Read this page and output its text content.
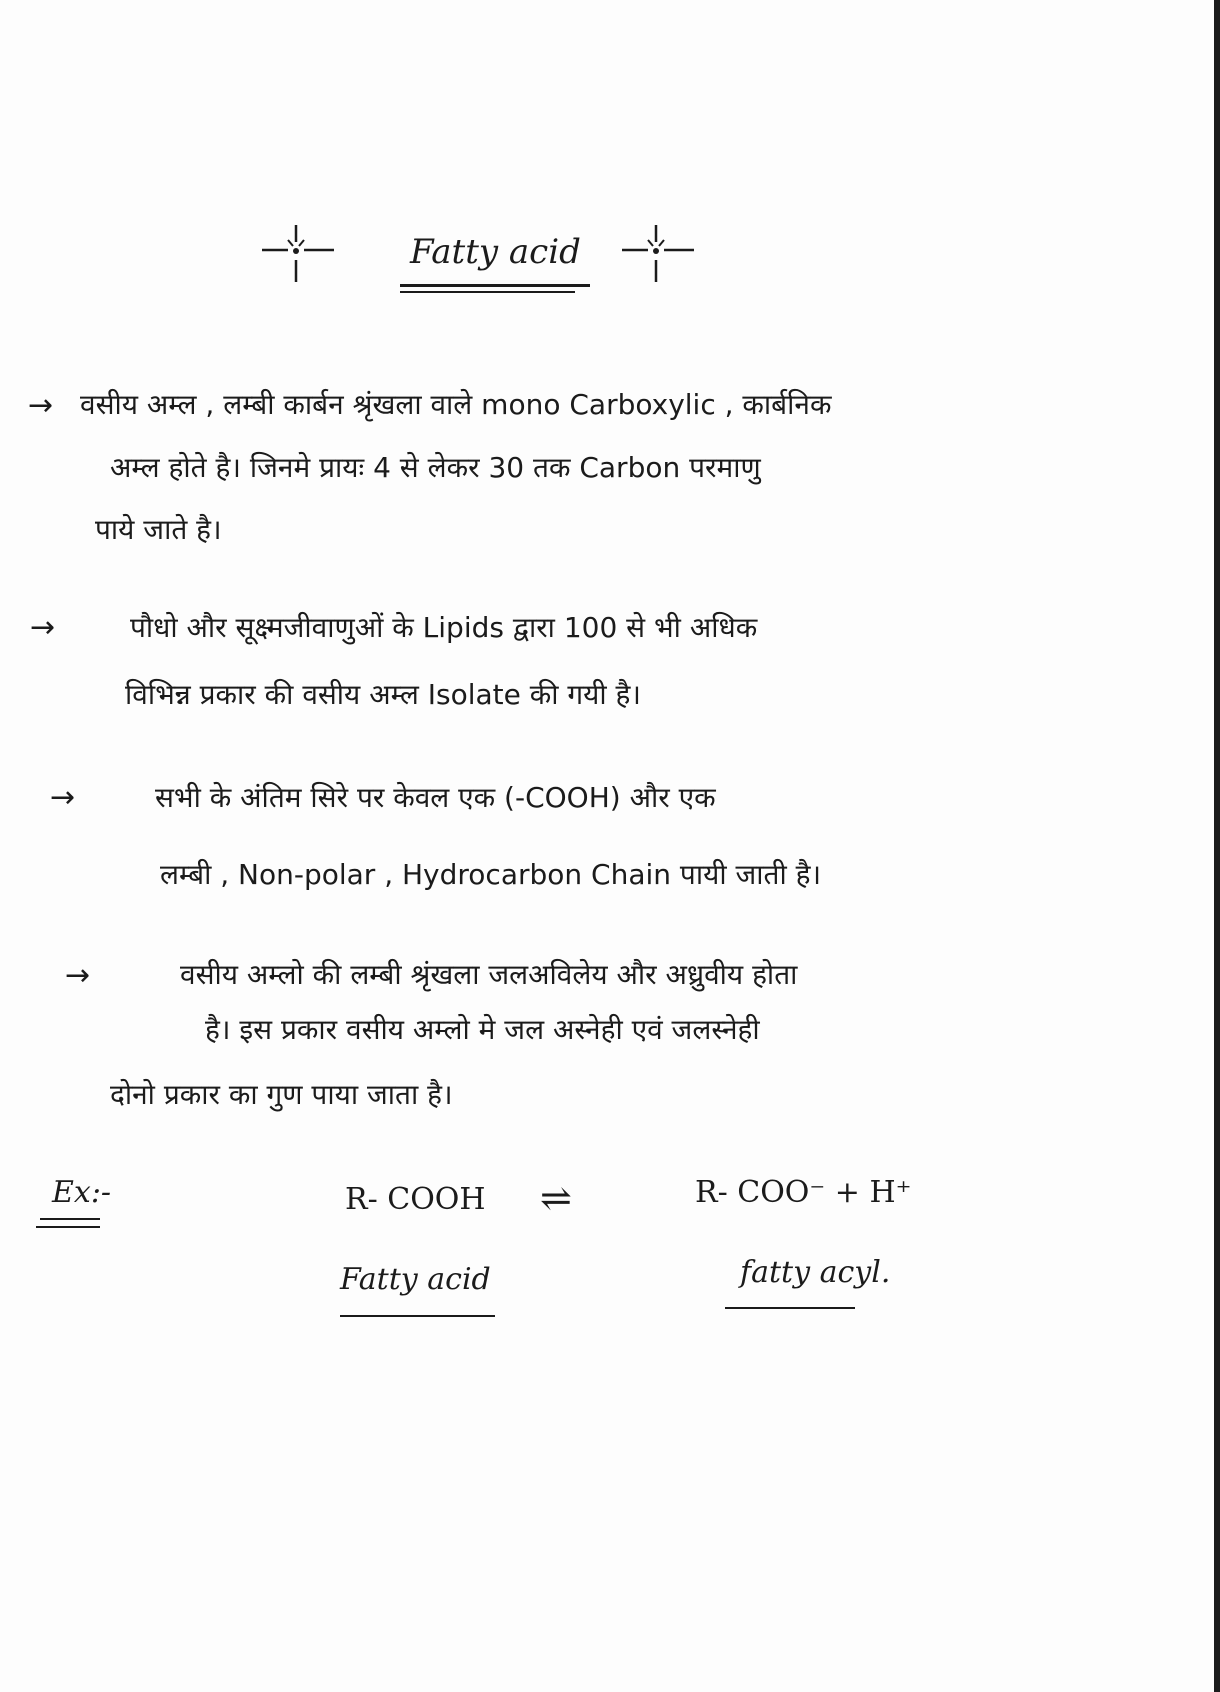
Fatty acid
→ वसीय अम्ल , लम्बी कार्बन श्रृंखला वाले mono Carboxylic , कार्बनिक
अम्ल होते है। जिनमे प्रायः 4 से लेकर 30 तक Carbon परमाणु
पाये जाते है।
→	पौधो और सूक्ष्मजीवाणुओं के Lipids द्वारा 100 से भी अधिक
विभिन्न प्रकार की वसीय अम्ल Isolate की गयी है।
→	सभी के अंतिम सिरे पर केवल एक (-COOH) और एक
लम्बी , Non-polar , Hydrocarbon Chain पायी जाती है।
→	वसीय अम्लो की लम्बी श्रृंखला जलअविलेय और अध्रुवीय होता
है। इस प्रकार वसीय अम्लो मे जल अस्नेही एवं जलस्नेही
दोनो प्रकार का गुण पाया जाता है।
Ex:-	R- COOH ⇌	R- COO⁻ + H⁺
Fatty acid	fatty acyl.
